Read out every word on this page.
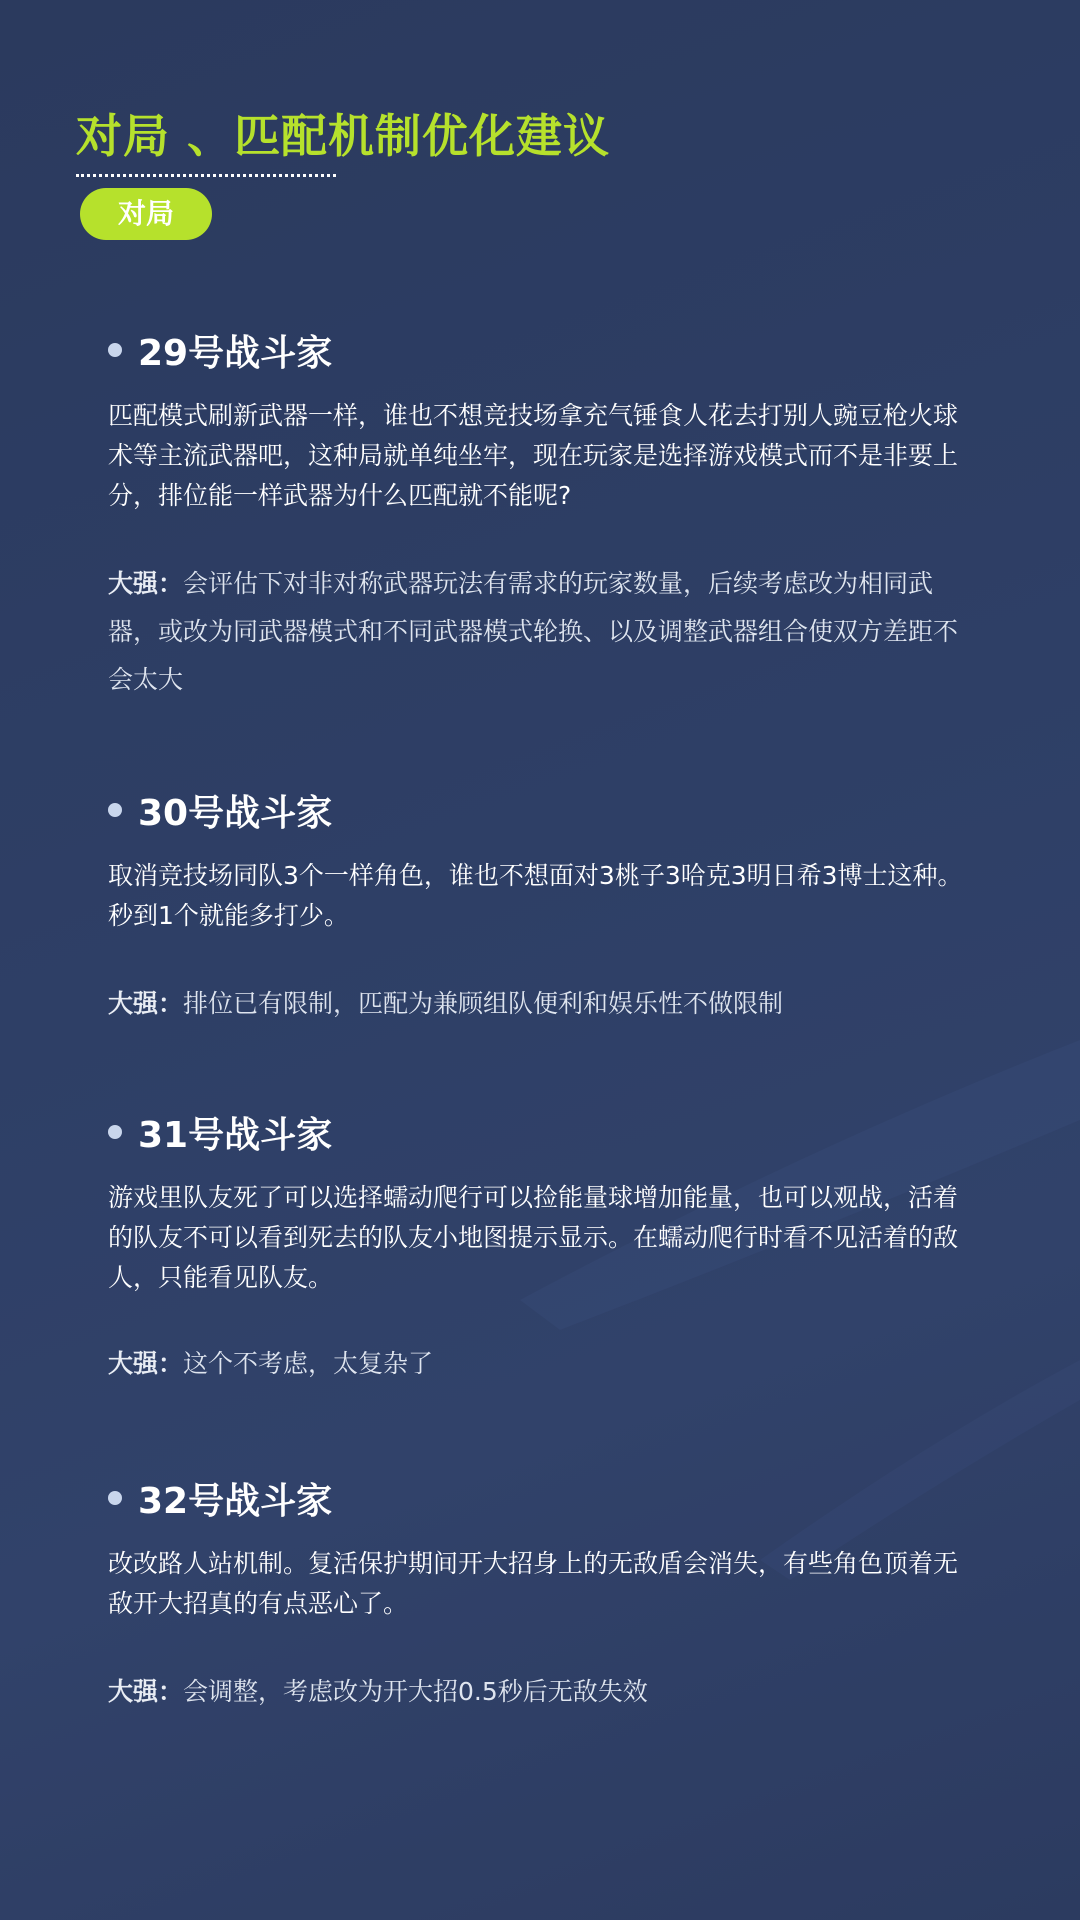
对局 、匹配机制优化建议
对局
29号战斗家
匹配模式刷新武器一样，谁也不想竞技场拿充气锤食人花去打别人豌豆枪火球术等主流武器吧，这种局就单纯坐牢，现在玩家是选择游戏模式而不是非要上分，排位能一样武器为什么匹配就不能呢?
大强：会评估下对非对称武器玩法有需求的玩家数量，后续考虑改为相同武器，或改为同武器模式和不同武器模式轮换、以及调整武器组合使双方差距不会太大
30号战斗家
取消竞技场同队3个一样角色，谁也不想面对3桃子3哈克3明日希3博士这种。秒到1个就能多打少。
大强：排位已有限制，匹配为兼顾组队便利和娱乐性不做限制
31号战斗家
游戏里队友死了可以选择蠕动爬行可以捡能量球增加能量，也可以观战，活着的队友不可以看到死去的队友小地图提示显示。在蠕动爬行时看不见活着的敌人，只能看见队友。
大强：这个不考虑，太复杂了
32号战斗家
改改路人站机制。复活保护期间开大招身上的无敌盾会消失，有些角色顶着无敌开大招真的有点恶心了。
大强：会调整，考虑改为开大招0.5秒后无敌失效
